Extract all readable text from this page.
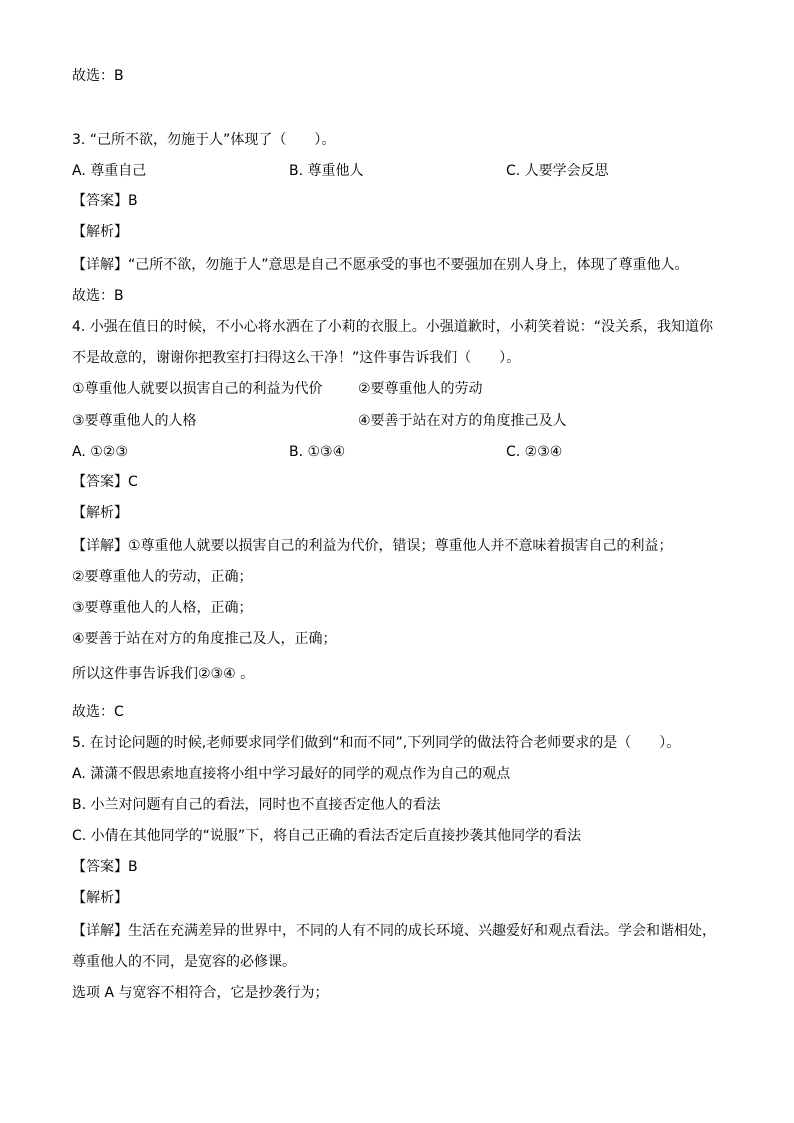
故选：B
3. “己所不欲，勿施于人”体现了（　　）。
A. 尊重自己	B. 尊重他人	C. 人要学会反思
【答案】B
【解析】
【详解】“己所不欲，勿施于人”意思是自己不愿承受的事也不要强加在别人身上，体现了尊重他人。
故选：B
4. 小强在值日的时候，不小心将水洒在了小莉的衣服上。小强道歉时，小莉笑着说：“没关系，我知道你
不是故意的，谢谢你把教室打扫得这么干净！”这件事告诉我们（　　）。
①尊重他人就要以损害自己的利益为代价	②要尊重他人的劳动
③要尊重他人的人格	④要善于站在对方的角度推己及人
A. ①②③	B. ①③④	C. ②③④
【答案】C
【解析】
【详解】①尊重他人就要以损害自己的利益为代价，错误；尊重他人并不意味着损害自己的利益；
②要尊重他人的劳动，正确；
③要尊重他人的人格，正确；
④要善于站在对方的角度推己及人，正确；
所以这件事告诉我们②③④ 。
故选：C
5. 在讨论问题的时候,老师要求同学们做到“和而不同”,下列同学的做法符合老师要求的是（　　）。
A. 潇潇不假思索地直接将小组中学习最好的同学的观点作为自己的观点
B. 小兰对问题有自己的看法，同时也不直接否定他人的看法
C. 小倩在其他同学的“说服”下，将自己正确的看法否定后直接抄袭其他同学的看法
【答案】B
【解析】
【详解】生活在充满差异的世界中，不同的人有不同的成长环境、兴趣爱好和观点看法。学会和谐相处，
尊重他人的不同，是宽容的必修课。
选项 A 与宽容不相符合，它是抄袭行为；
